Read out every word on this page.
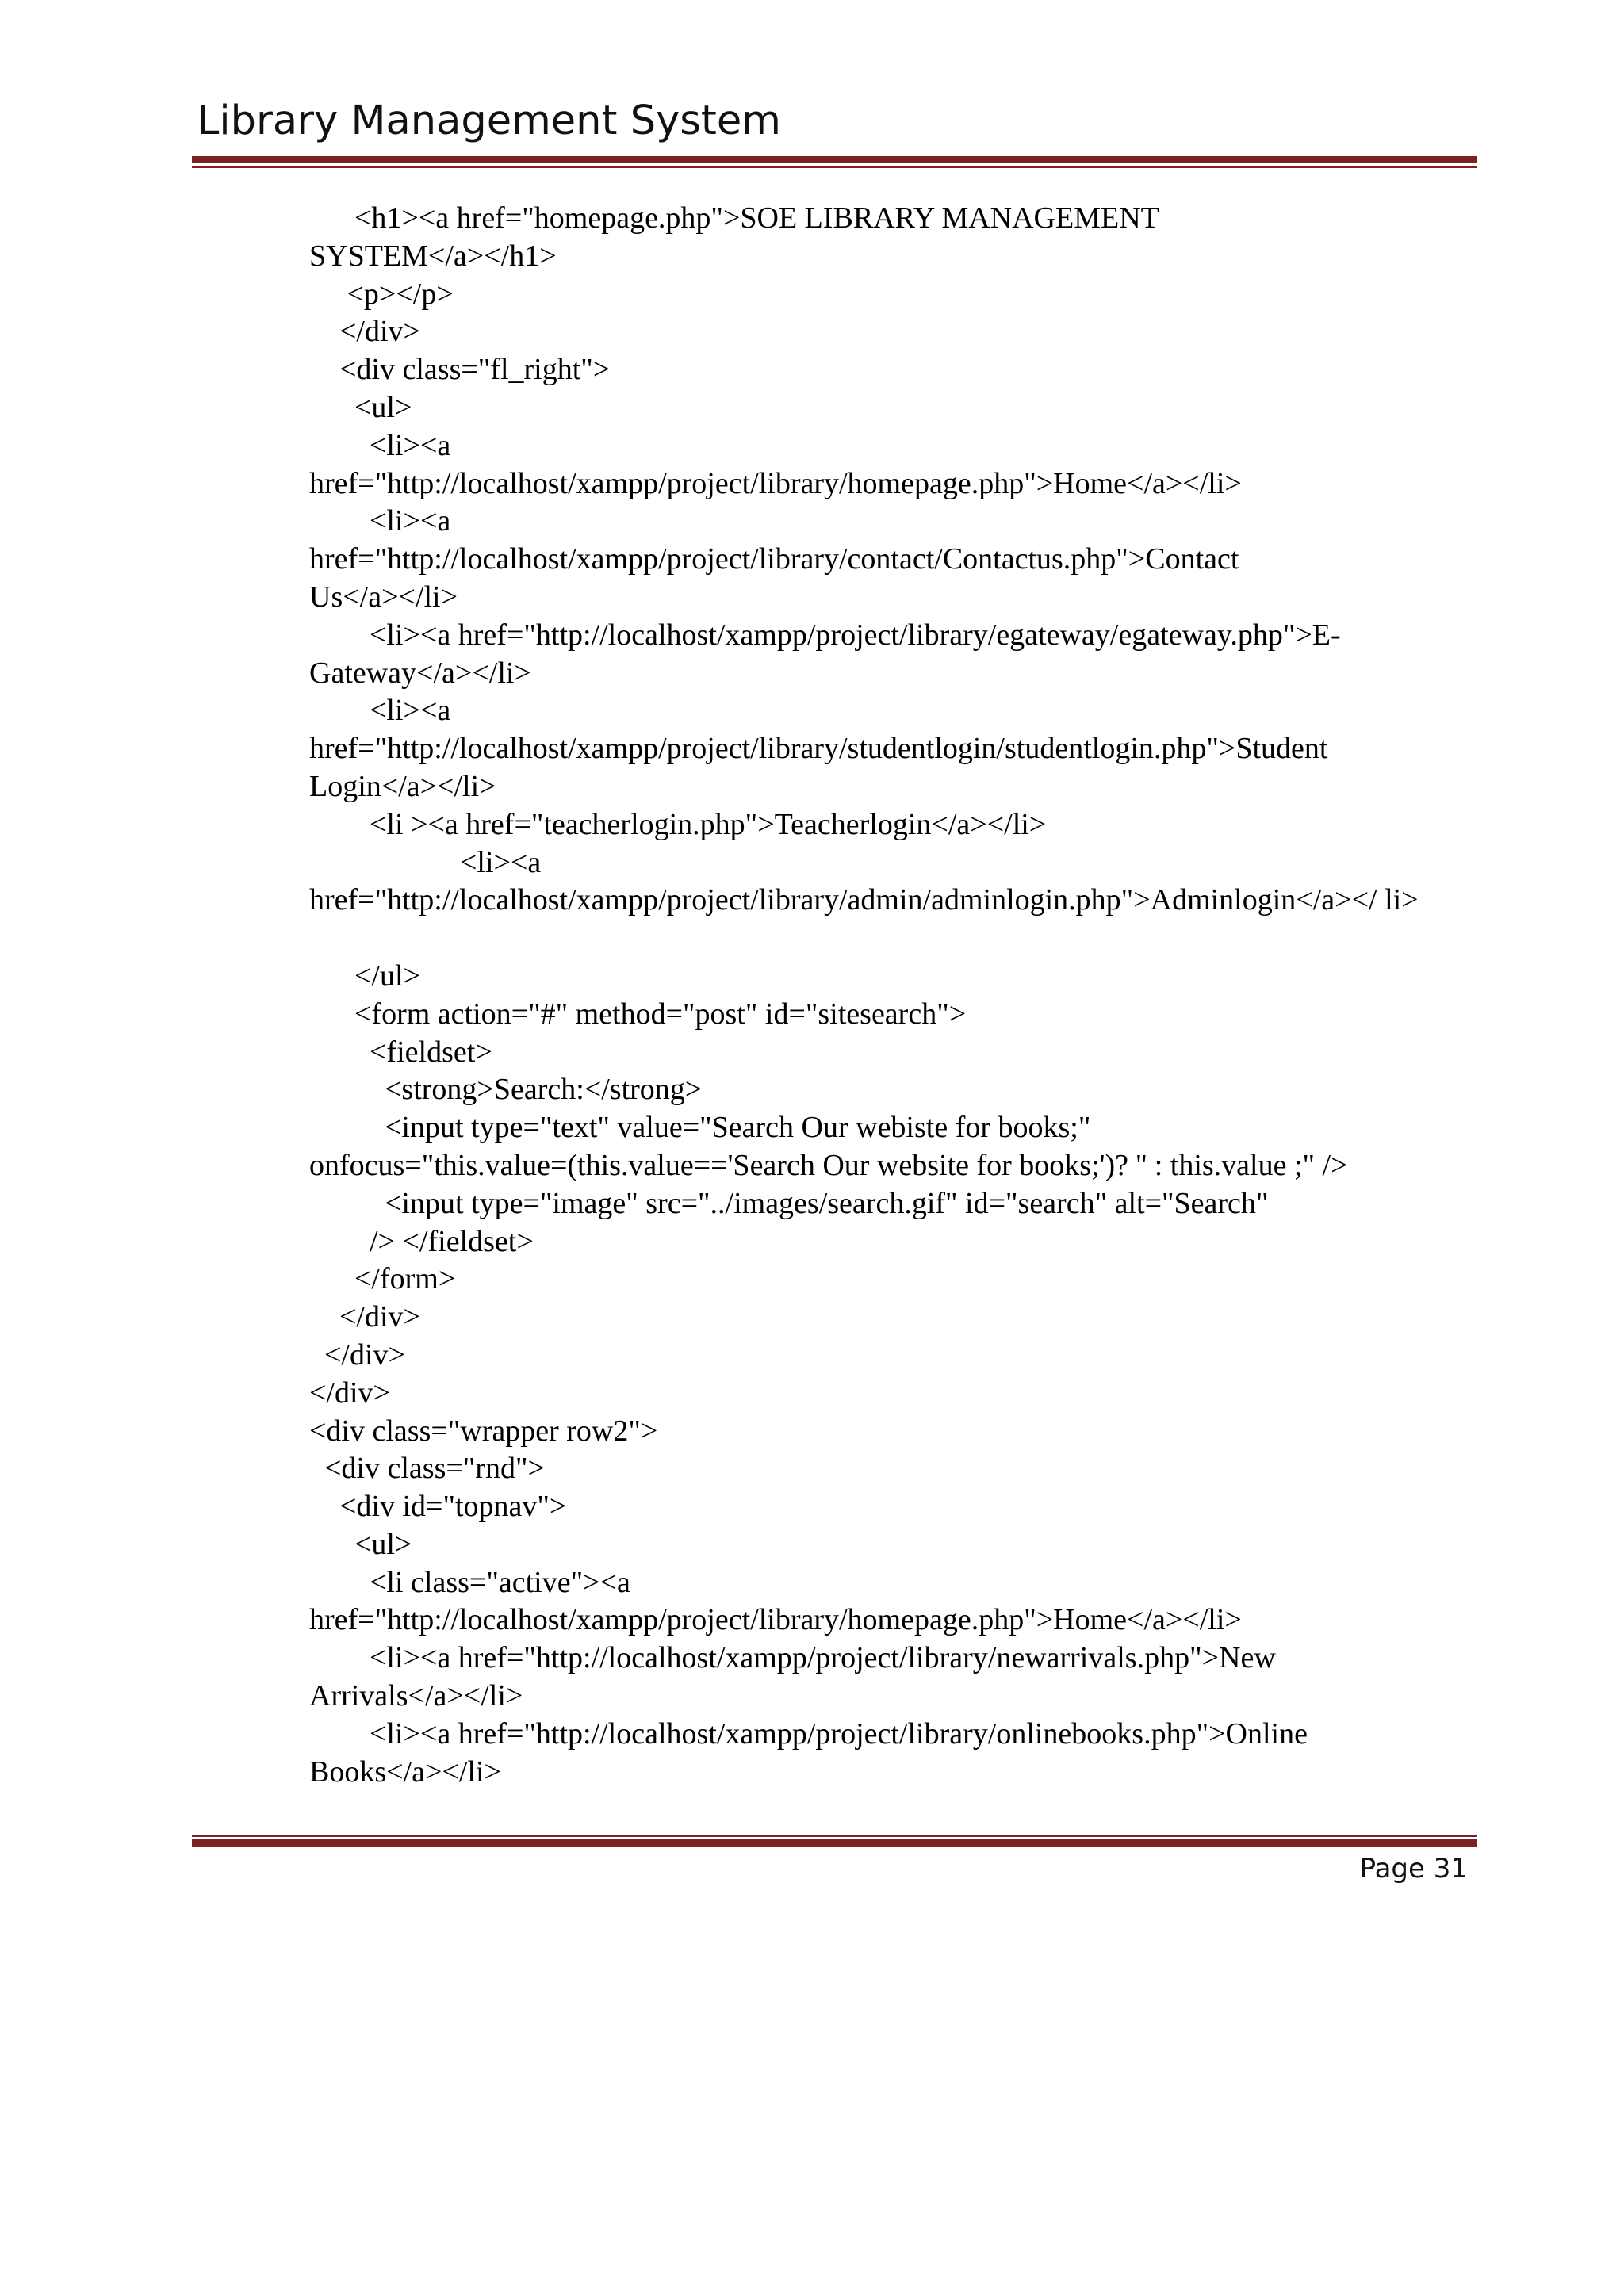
Library Management System
<h1><a href="homepage.php">SOE LIBRARY MANAGEMENT
SYSTEM</a></h1>
<p></p>
</div>
<div class="fl_right">
<ul>
<li><a
href="http://localhost/xampp/project/library/homepage.php">Home</a></li>
<li><a
href="http://localhost/xampp/project/library/contact/Contactus.php">Contact
Us</a></li>
<li><a href="http://localhost/xampp/project/library/egateway/egateway.php">E-
Gateway</a></li>
<li><a
href="http://localhost/xampp/project/library/studentlogin/studentlogin.php">Student
Login</a></li>
<li ><a href="teacherlogin.php">Teacherlogin</a></li>
<li><a
href="http://localhost/xampp/project/library/admin/adminlogin.php">Adminlogin</a></ li>
</ul>
<form action="#" method="post" id="sitesearch">
<fieldset>
<strong>Search:</strong>
<input type="text" value="Search Our webiste for books;"
onfocus="this.value=(this.value=='Search Our website for books;')? '' : this.value ;" />
<input type="image" src="../images/search.gif" id="search" alt="Search"
/> </fieldset>
</form>
</div>
</div>
</div>
<div class="wrapper row2">
<div class="rnd">
<div id="topnav">
<ul>
<li class="active"><a
href="http://localhost/xampp/project/library/homepage.php">Home</a></li>
<li><a href="http://localhost/xampp/project/library/newarrivals.php">New
Arrivals</a></li>
<li><a href="http://localhost/xampp/project/library/onlinebooks.php">Online
Books</a></li>
Page 31
